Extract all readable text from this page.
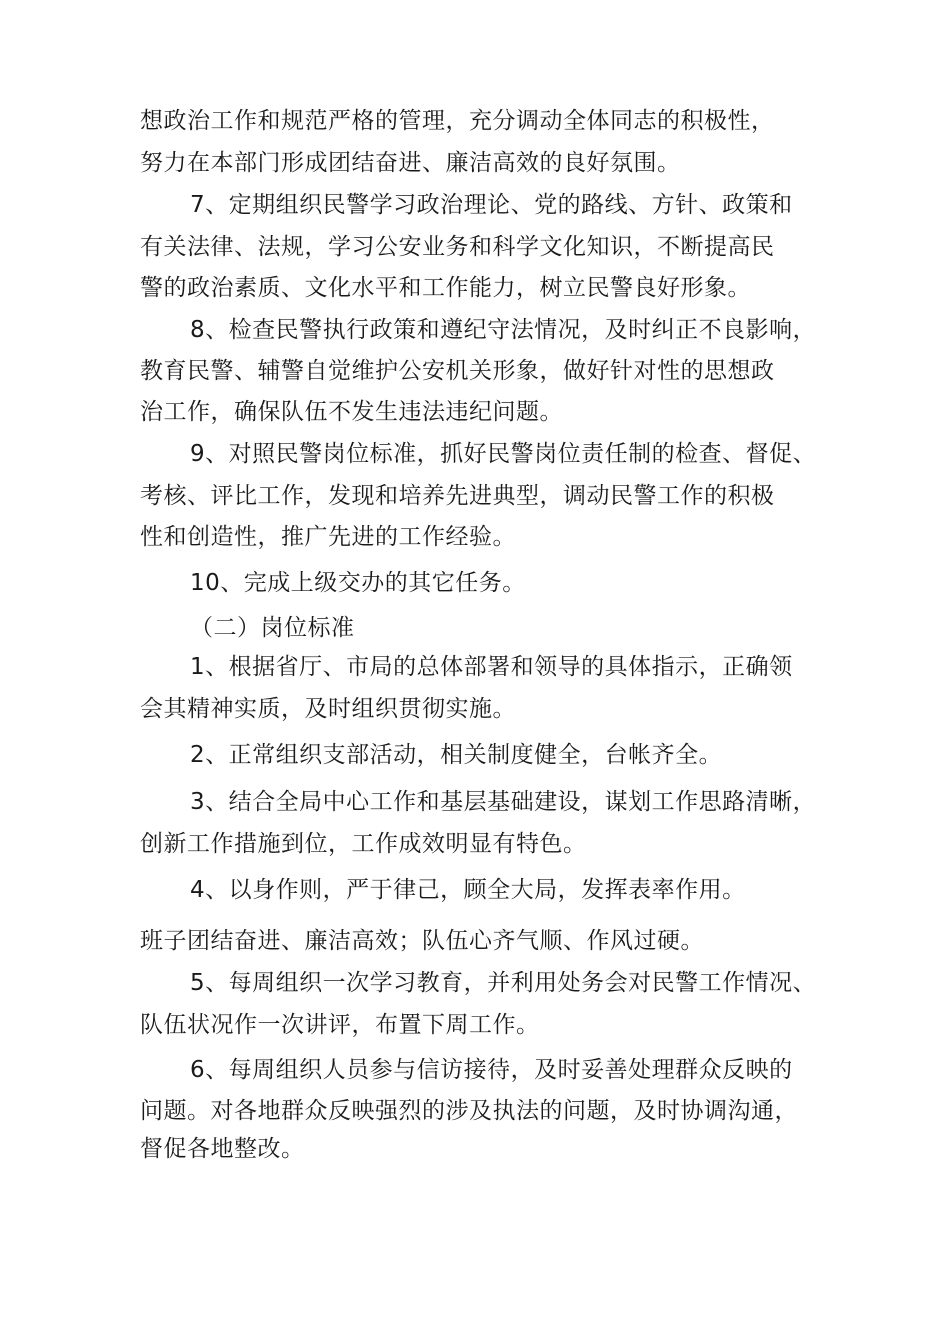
想政治工作和规范严格的管理，充分调动全体同志的积极性，
努力在本部门形成团结奋进、廉洁高效的良好氛围。
7、定期组织民警学习政治理论、党的路线、方针、政策和
有关法律、法规，学习公安业务和科学文化知识，不断提高民
警的政治素质、文化水平和工作能力，树立民警良好形象。
8、检查民警执行政策和遵纪守法情况，及时纠正不良影响，
教育民警、辅警自觉维护公安机关形象，做好针对性的思想政
治工作，确保队伍不发生违法违纪问题。
9、对照民警岗位标准，抓好民警岗位责任制的检查、督促、
考核、评比工作，发现和培养先进典型，调动民警工作的积极
性和创造性，推广先进的工作经验。
10、完成上级交办的其它任务。
（二）岗位标准
1、根据省厅、市局的总体部署和领导的具体指示，正确领
会其精神实质，及时组织贯彻实施。
2、正常组织支部活动，相关制度健全，台帐齐全。
3、结合全局中心工作和基层基础建设，谋划工作思路清晰，
创新工作措施到位，工作成效明显有特色。
4、以身作则，严于律己，顾全大局，发挥表率作用。
班子团结奋进、廉洁高效；队伍心齐气顺、作风过硬。
5、每周组织一次学习教育，并利用处务会对民警工作情况、
队伍状况作一次讲评，布置下周工作。
6、每周组织人员参与信访接待，及时妥善处理群众反映的
问题。对各地群众反映强烈的涉及执法的问题，及时协调沟通，
督促各地整改。
